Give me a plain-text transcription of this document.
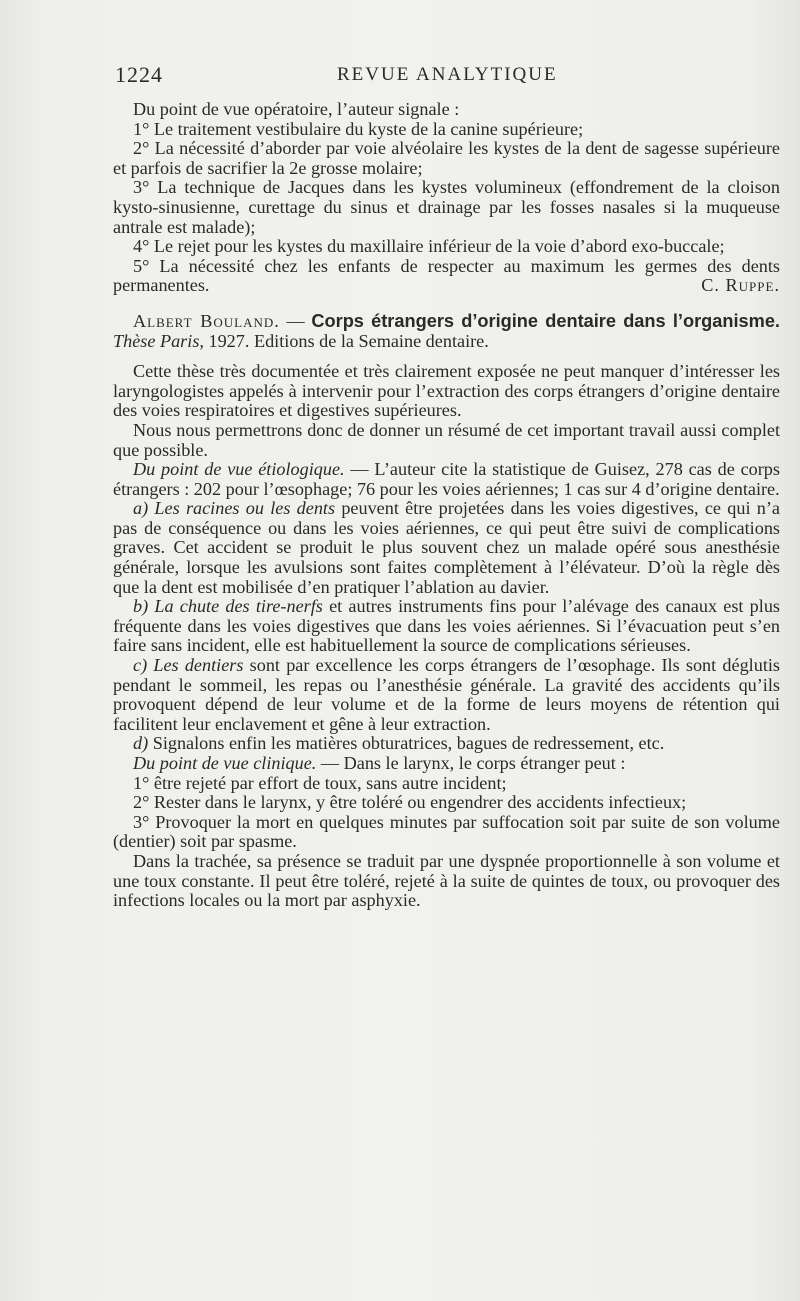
1224	REVUE ANALYTIQUE

Du point de vue opératoire, l’auteur signale :

1° Le traitement vestibulaire du kyste de la canine supérieure;

2° La nécessité d’aborder par voie alvéolaire les kystes de la dent de sagesse supérieure et parfois de sacrifier la 2e grosse molaire;

3° La technique de Jacques dans les kystes volumineux (effondrement de la cloison kysto-sinusienne, curettage du sinus et drainage par les fosses nasales si la muqueuse antrale est malade);

4° Le rejet pour les kystes du maxillaire inférieur de la voie d’abord exo-buccale;

5° La nécessité chez les enfants de respecter au maximum les germes des dents permanentes.	C. Ruppe.

Albert Bouland. — Corps étrangers d’origine dentaire dans l’organisme. Thèse Paris, 1927. Editions de la Semaine dentaire.

Cette thèse très documentée et très clairement exposée ne peut manquer d’intéresser les laryngologistes appelés à intervenir pour l’extraction des corps étrangers d’origine dentaire des voies respiratoires et digestives supérieures.

Nous nous permettrons donc de donner un résumé de cet important travail aussi complet que possible.

Du point de vue étiologique. — L’auteur cite la statistique de Guisez, 278 cas de corps étrangers : 202 pour l’œsophage; 76 pour les voies aériennes; 1 cas sur 4 d’origine dentaire.

a) Les racines ou les dents peuvent être projetées dans les voies digestives, ce qui n’a pas de conséquence ou dans les voies aériennes, ce qui peut être suivi de complications graves. Cet accident se produit le plus souvent chez un malade opéré sous anesthésie générale, lorsque les avulsions sont faites complètement à l’élévateur. D’où la règle dès que la dent est mobilisée d’en pratiquer l’ablation au davier.

b) La chute des tire-nerfs et autres instruments fins pour l’alévage des canaux est plus fréquente dans les voies digestives que dans les voies aériennes. Si l’évacuation peut s’en faire sans incident, elle est habituellement la source de complications sérieuses.

c) Les dentiers sont par excellence les corps étrangers de l’œsophage. Ils sont déglutis pendant le sommeil, les repas ou l’anesthésie générale. La gravité des accidents qu’ils provoquent dépend de leur volume et de la forme de leurs moyens de rétention qui facilitent leur enclavement et gêne à leur extraction.

d) Signalons enfin les matières obturatrices, bagues de redressement, etc.

Du point de vue clinique. — Dans le larynx, le corps étranger peut :

1° être rejeté par effort de toux, sans autre incident;

2° Rester dans le larynx, y être toléré ou engendrer des accidents infectieux;

3° Provoquer la mort en quelques minutes par suffocation soit par suite de son volume (dentier) soit par spasme.

Dans la trachée, sa présence se traduit par une dyspnée proportionnelle à son volume et une toux constante. Il peut être toléré, rejeté à la suite de quintes de toux, ou provoquer des infections locales ou la mort par asphyxie.
